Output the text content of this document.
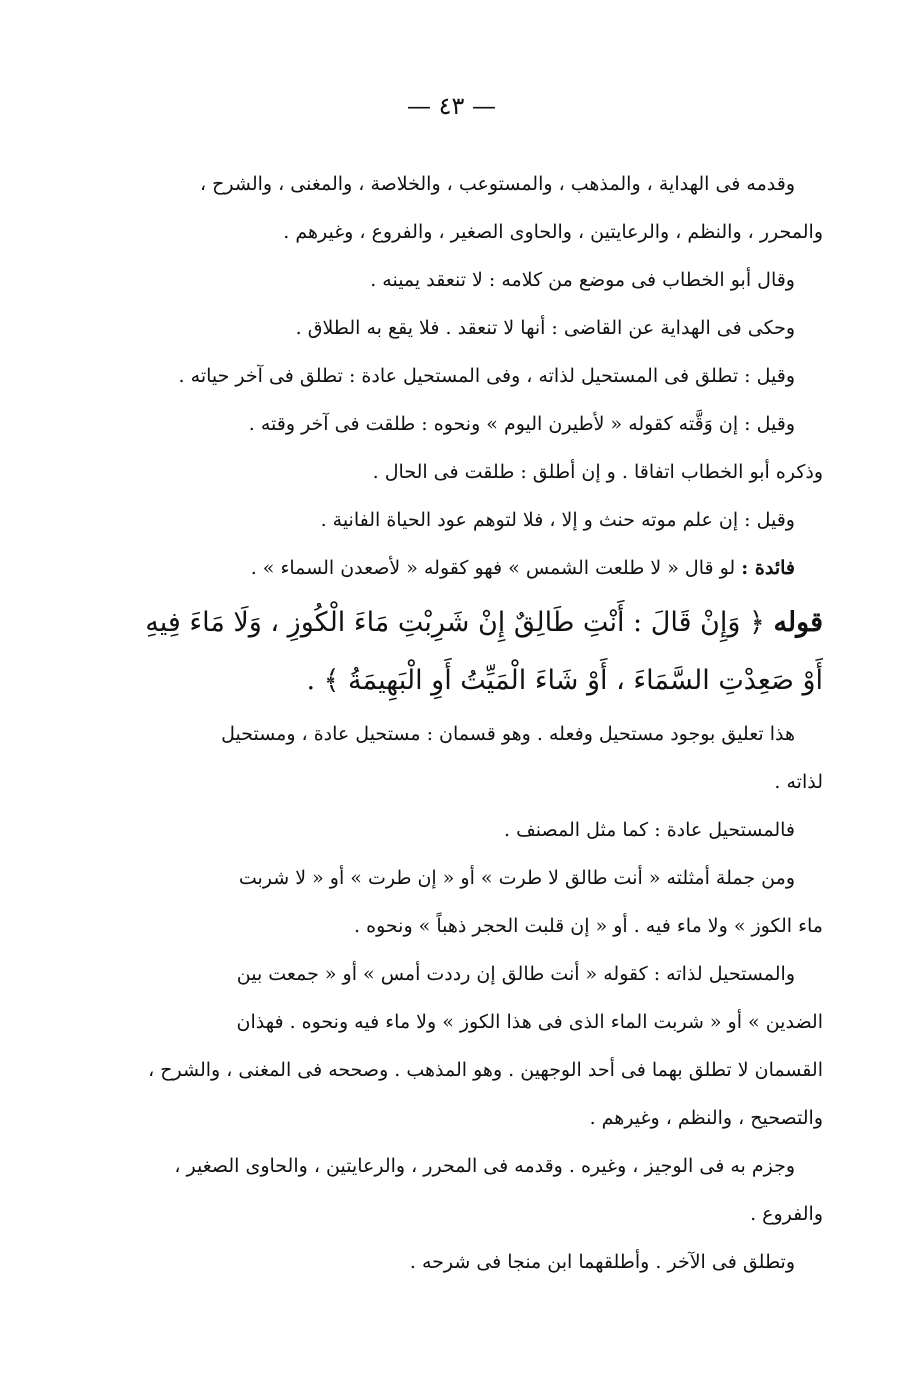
— ٤٣ —

وقدمه فى الهداية ، والمذهب ، والمستوعب ، والخلاصة ، والمغنى ، والشرح ،

والمحرر ، والنظم ، والرعايتين ، والحاوى الصغير ، والفروع ، وغيرهم .

وقال أبو الخطاب فى موضع من كلامه : لا تنعقد يمينه .

وحكى فى الهداية عن القاضى : أنها لا تنعقد . فلا يقع به الطلاق .

وقيل : تطلق فى المستحيل لذاته ، وفى المستحيل عادة : تطلق فى آخر حياته .

وقيل : إن وَقَّته كقوله « لأطيرن اليوم » ونحوه : طلقت فى آخر وقته .

وذكره أبو الخطاب اتفاقا . و إن أطلق : طلقت فى الحال .

وقيل : إن علم موته حنث و إلا ، فلا لتوهم عود الحياة الفانية .

فائدة : لو قال « لا طلعت الشمس » فهو كقوله « لأصعدن السماء » .

قوله ﴿ وَإِنْ قَالَ : أَنْتِ طَالِقٌ إِنْ شَرِبْتِ مَاءَ الْكُوزِ ، وَلَا مَاءَ فِيهِ

أَوْ صَعِدْتِ السَّمَاءَ ، أَوْ شَاءَ الْمَيِّتُ أَوِ الْبَهِيمَةُ ﴾ .

هذا تعليق بوجود مستحيل وفعله . وهو قسمان : مستحيل عادة ، ومستحيل

لذاته .

فالمستحيل عادة : كما مثل المصنف .

ومن جملة أمثلته « أنت طالق لا طرت » أو « إن طرت » أو « لا شربت

ماء الكوز » ولا ماء فيه . أو « إن قلبت الحجر ذهباً » ونحوه .

والمستحيل لذاته : كقوله « أنت طالق إن رددت أمس » أو « جمعت بين

الضدين » أو « شربت الماء الذى فى هذا الكوز » ولا ماء فيه ونحوه . فهذان

القسمان لا تطلق بهما فى أحد الوجهين . وهو المذهب . وصححه فى المغنى ، والشرح ،

والتصحيح ، والنظم ، وغيرهم .

وجزم به فى الوجيز ، وغيره . وقدمه فى المحرر ، والرعايتين ، والحاوى الصغير ،

والفروع .

وتطلق فى الآخر . وأطلقهما ابن منجا فى شرحه .
